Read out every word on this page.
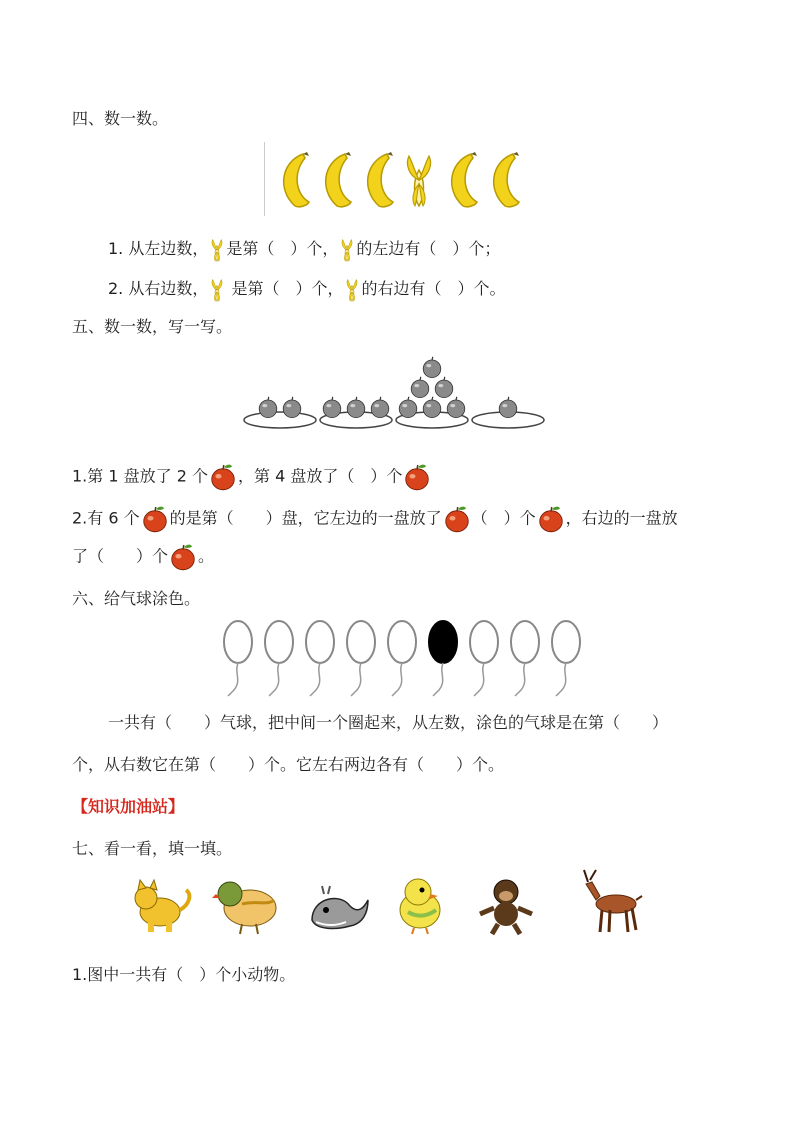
四、数一数。
1. 从左边数， 是第（　）个， 的左边有（　）个；
2. 从右边数， 是第（　）个， 的右边有（　）个。
五、数一数，写一写。
1.第 1 盘放了 2 个 ，第 4 盘放了（　）个
2.有 6 个 的是第（　　）盘，它左边的一盘放了 （　）个 ，右边的一盘放
了（　　）个 。
六、给气球涂色。
一共有（　　）气球，把中间一个圈起来，从左数，涂色的气球是在第（　　）
个，从右数它在第（　　）个。它左右两边各有（　　）个。
【知识加油站】
七、看一看，填一填。
1.图中一共有（　）个小动物。
